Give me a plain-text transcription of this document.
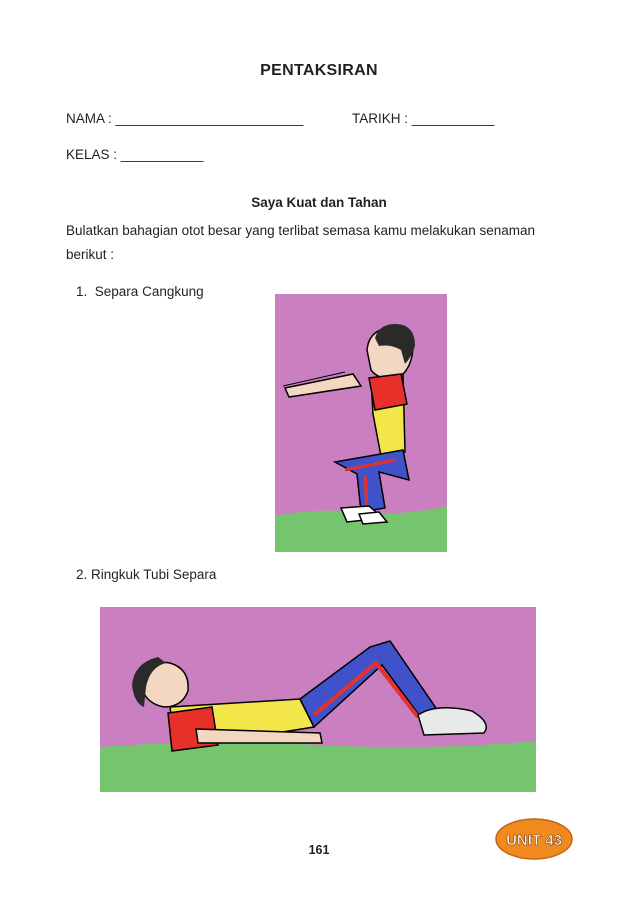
PENTAKSIRAN
NAMA : _________________________	TARIKH : ___________
KELAS : ___________
Saya Kuat dan Tahan
Bulatkan bahagian otot besar yang terlibat semasa kamu melakukan senaman berikut :
1. Separa Cangkung
2. Ringkuk Tubi Separa
161
UNIT 43
